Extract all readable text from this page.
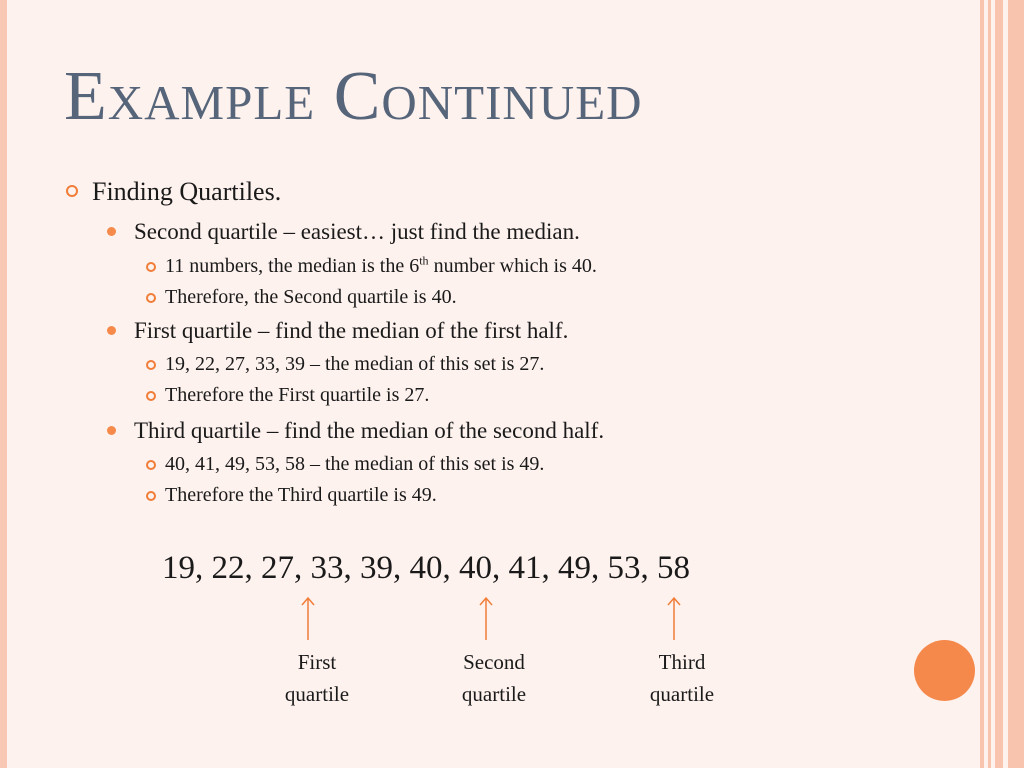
Example Continued
Finding Quartiles.
Second quartile – easiest… just find the median.
11 numbers, the median is the 6th number which is 40.
Therefore, the Second quartile is 40.
First quartile – find the median of the first half.
19, 22, 27, 33, 39 – the median of this set is 27.
Therefore the First quartile is 27.
Third quartile – find the median of the second half.
40, 41, 49, 53, 58 – the median of this set is 49.
Therefore the Third quartile is 49.
19, 22, 27, 33, 39, 40, 40, 41, 49, 53, 58
First
quartile
Second
quartile
Third
quartile
